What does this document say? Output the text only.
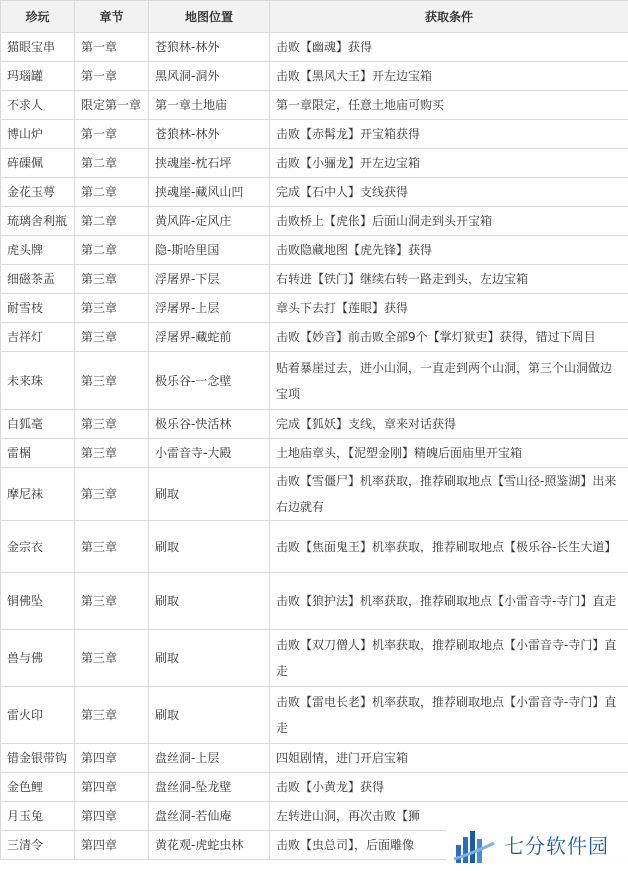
珍玩	章节	地图位置	获取条件
猫眼宝串	第一章	苍狼林-林外	击败【幽魂】获得
玛瑙罐	第一章	黑风洞-洞外	击败【黑风大王】开左边宝箱
不求人	限定第一章	第一章土地庙	第一章限定，任意土地庙可购买
博山炉	第一章	苍狼林-林外	击败【赤髯龙】开宝箱获得
砗磲佩	第二章	挟魂崖-枕石坪	击败【小骊龙】开左边宝箱
金花玉萼	第二章	挟魂崖-藏风山凹	完成【石中人】支线获得
琉璃舍利瓶	第二章	黄风阵-定风庄	击败桥上【虎伥】后面山洞走到头开宝箱
虎头牌	第二章	隐-斯哈里国	击败隐藏地图【虎先锋】获得
细磁茶盂	第三章	浮屠界-下层	右转进【铁门】继续右转一路走到头，左边宝箱
耐雪枝	第三章	浮屠界-上层	章头下去打【莲眼】获得
吉祥灯	第三章	浮屠界-藏蛇前	击败【妙音】前击败全部9个【掌灯狱吏】获得，错过下周目
未来珠	第三章	极乐谷-一念壁	贴着暴崖过去，进小山洞，一直走到两个山洞，第三个山洞做边宝项
白狐毫	第三章	极乐谷-快活林	完成【狐妖】支线，章来对话获得
雷榍	第三章	小雷音寺-大殿	土地庙章头，【泥塑金刚】精魄后面庙里开宝箱
摩尼袜	第三章	刷取	击败【雪僵尸】机率获取，推荐刷取地点【雪山径-照鉴湖】出来右边就有
金宗衣	第三章	刷取	击败【焦面鬼王】机率获取，推荐刷取地点【极乐谷-长生大道】
铜佛坠	第三章	刷取	击败【狼护法】机率获取，推荐刷取地点【小雷音寺-寺门】直走
兽与佛	第三章	刷取	击败【双刀僧人】机率获取，推荐刷取地点【小雷音寺-寺门】直走
雷火印	第三章	刷取	击败【雷电长老】机率获取，推荐刷取地点【小雷音寺-寺门】直走
错金银带钩	第四章	盘丝洞-上层	四姐剧情，进门开启宝箱
金色鲤	第四章	盘丝洞-坠龙壁	击败【小黄龙】获得
月玉兔	第四章	盘丝洞-若仙庵	左转进山洞，再次击败【狮
三清令	第四章	黄花观-虎蛇虫林	击败【虫总司】，后面雕像	七分软件园
